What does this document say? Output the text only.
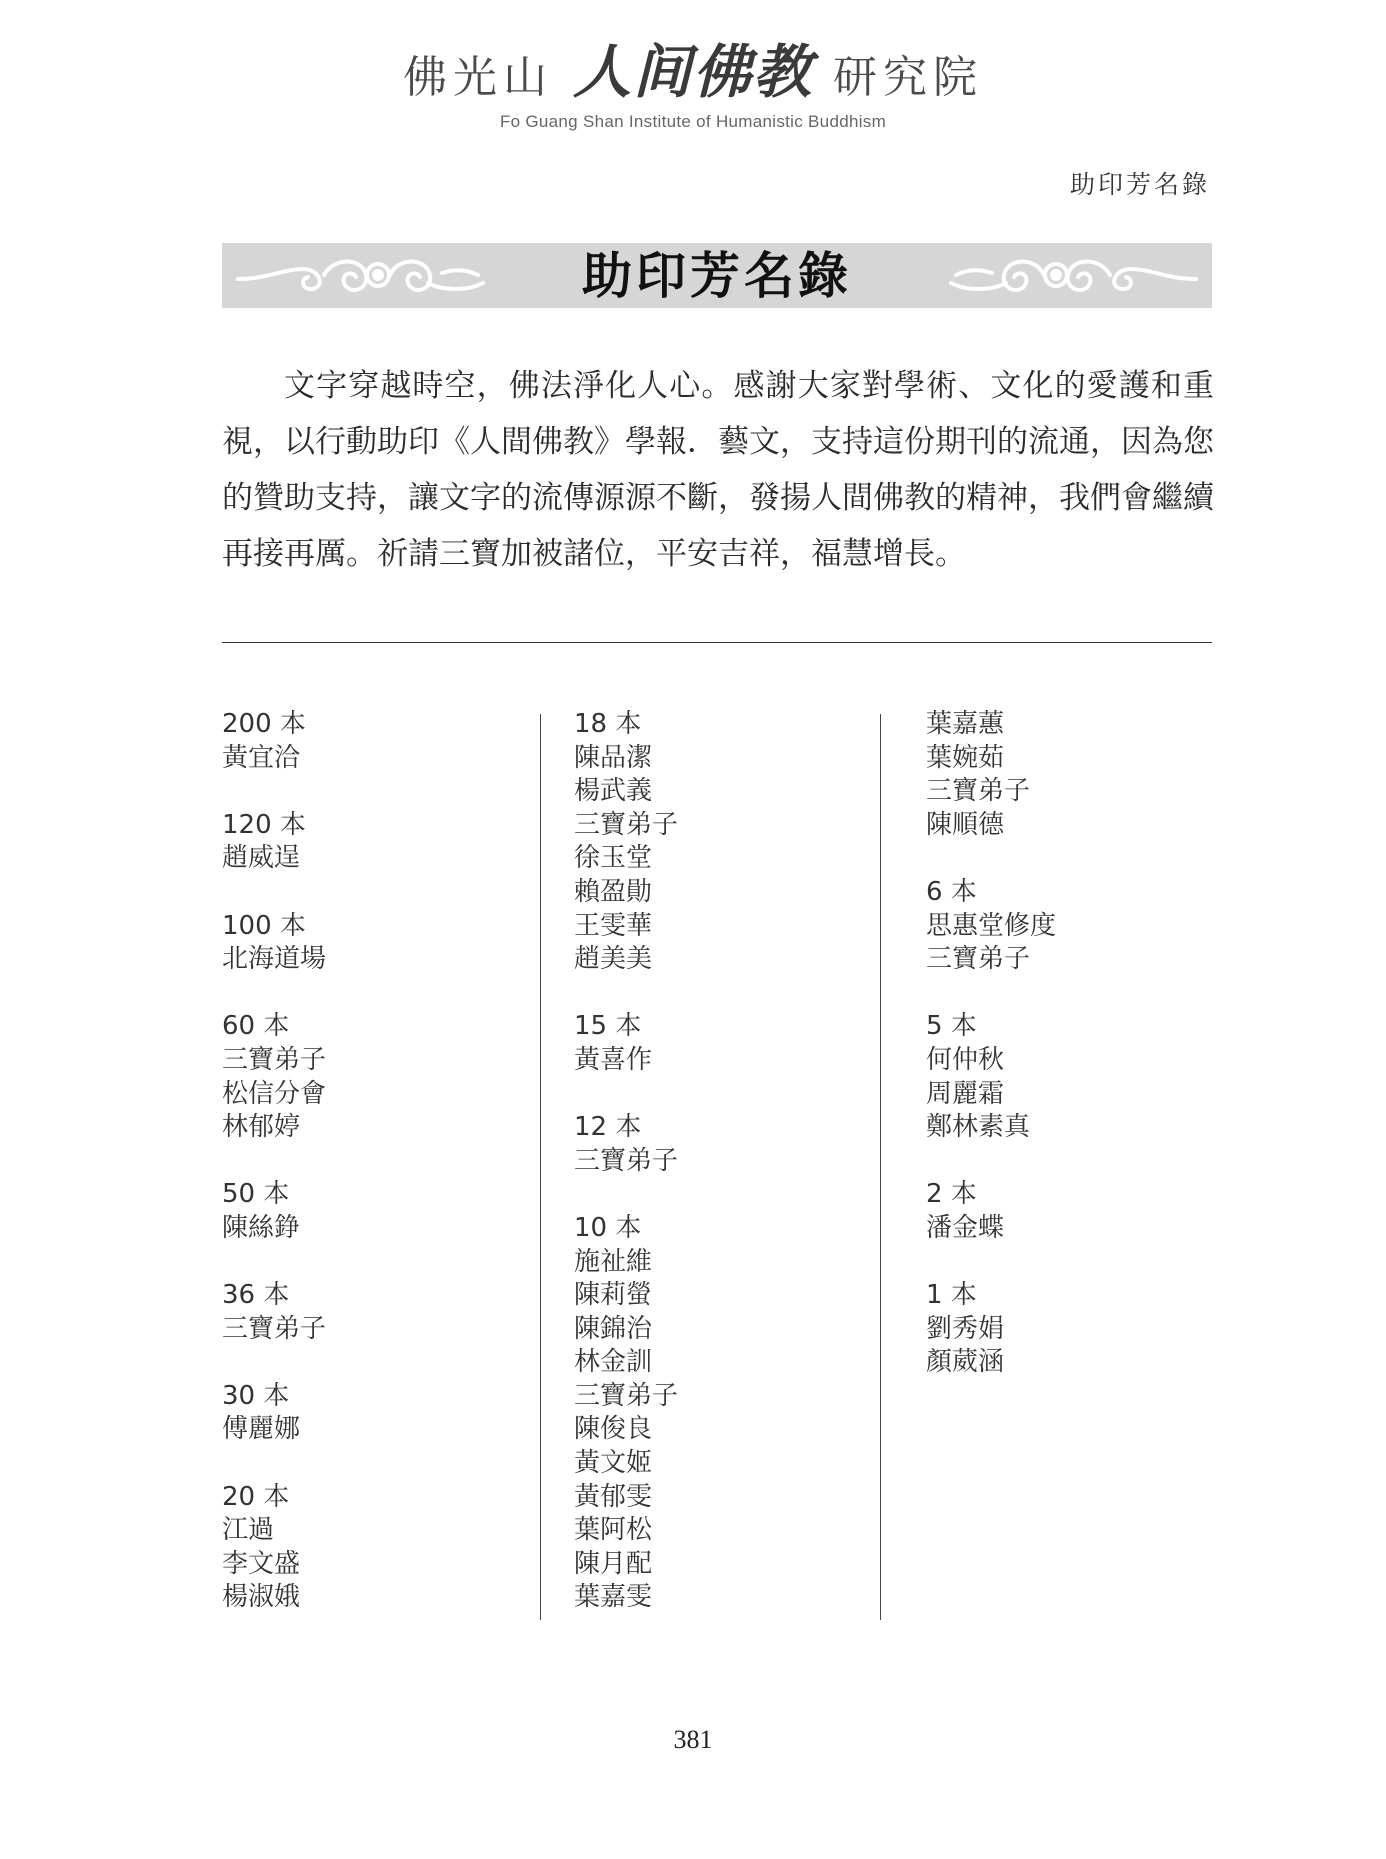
佛光山 人间佛教 研究院
Fo Guang Shan Institute of Humanistic Buddhism
助印芳名錄
助印芳名錄
文字穿越時空，佛法淨化人心。感謝大家對學術、文化的愛護和重視，以行動助印《人間佛教》學報．藝文，支持這份期刊的流通，因為您的贊助支持，讓文字的流傳源源不斷，發揚人間佛教的精神，我們會繼續再接再厲。祈請三寶加被諸位，平安吉祥，福慧增長。
200 本
黃宜洽
120 本
趙威逞
100 本
北海道場
60 本
三寶弟子
松信分會
林郁婷
50 本
陳絲錚
36 本
三寶弟子
30 本
傅麗娜
20 本
江過
李文盛
楊淑娥
18 本
陳品潔
楊武義
三寶弟子
徐玉堂
賴盈勛
王雯華
趙美美
15 本
黃喜作
12 本
三寶弟子
10 本
施祉維
陳莉螢
陳錦治
林金訓
三寶弟子
陳俊良
黃文姬
黃郁雯
葉阿松
陳月配
葉嘉雯
葉嘉蕙
葉婉茹
三寶弟子
陳順德
6 本
思惠堂修度
三寶弟子
5 本
何仲秋
周麗霜
鄭林素真
2 本
潘金蝶
1 本
劉秀娟
顏葳涵
381
